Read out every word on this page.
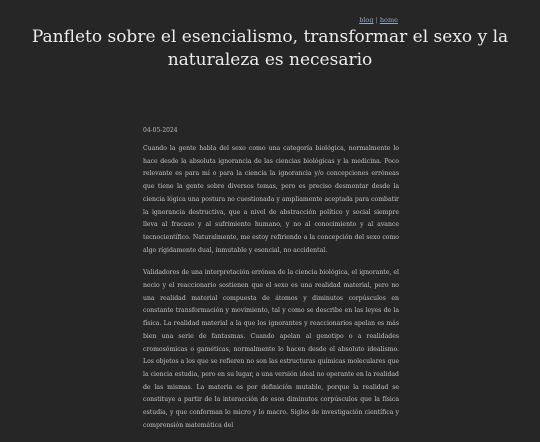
blog | home
Panfleto sobre el esencialismo, transformar el sexo y la naturaleza es necesario
04-05-2024

Cuando la gente habla del sexo como una categoría biológica, normalmente lo hace desde la absoluta ignorancia de las ciencias biológicas y la medicina. Poco relevante es para mí o para la ciencia la ignorancia y/o concepciones erróneas que tiene la gente sobre diversos temas, pero es preciso desmontar desde la ciencia lógica una postura no cuestionada y ampliamente aceptada para combatir la ignorancia destructiva, que a nivel de abstracción político y social siempre lleva al fracaso y al sufrimiento humano, y no al conocimiento y al avance tecnocientífico. Naturalmente, me estoy refiriendo a la concepción del sexo como algo rígidamente dual, inmutable y esencial, no accidental.

Validadores de una interpretación errónea de la ciencia biológica, el ignorante, el necio y el reaccionario sostienen que el sexo es una realidad material, pero no una realidad material compuesta de átomos y diminutos corpúsculos en constante transformación y movimiento, tal y como se describe en las leyes de la física. La realidad material a la que los ignorantes y reaccionarios apelan es más bien una serie de fantasmas. Cuando apelan al genotipo o a realidades cromosómicas o gaméticas, normalmente lo hacen desde el absoluto idealismo. Los objetos a los que se refieren no son las estructuras químicas moleculares que la ciencia estudia, pero en su lugar, a una versión ideal no operante en la realidad de las mismas. La materia es por definición mutable, porque la realidad se constituye a partir de la interacción de esos diminutos corpúsculos que la física estudia, y que conforman lo micro y lo macro. Siglos de investigación científica y comprensión matemática del
